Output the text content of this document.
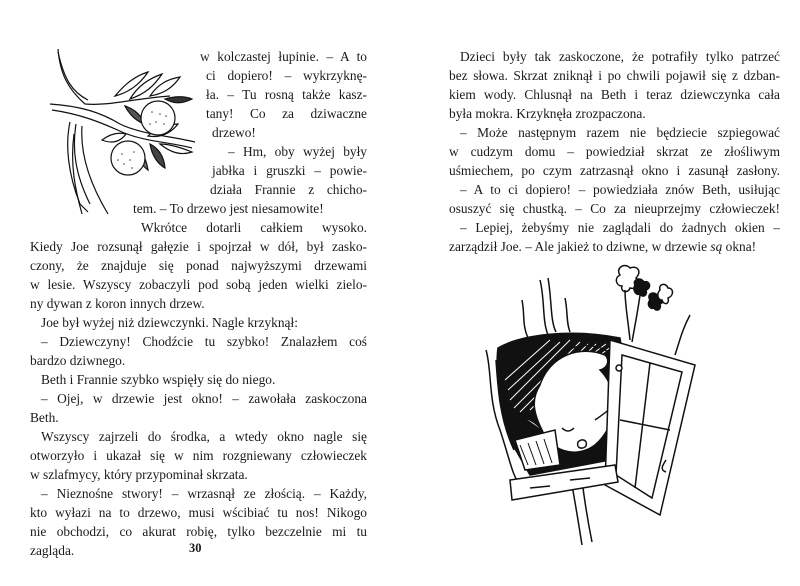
w kolczastej łupinie. – A to
ci dopiero! – wykrzyknę-
ła. – Tu rosną także kasz-
tany! Co za dziwaczne
drzewo!
– Hm, oby wyżej były
jabłka i gruszki – powie-
działa Frannie z chicho-
tem. – To drzewo jest niesamowite!
Wkrótce dotarli całkiem wysoko.
Kiedy Joe rozsunął gałęzie i spojrzał w dół, był zasko-
czony, że znajduje się ponad najwyższymi drzewami
w lesie. Wszyscy zobaczyli pod sobą jeden wielki zielo-
ny dywan z koron innych drzew.
Joe był wyżej niż dziewczynki. Nagle krzyknął:
– Dziewczyny! Chodźcie tu szybko! Znalazłem coś
bardzo dziwnego.
Beth i Frannie szybko wspięły się do niego.
– Ojej, w drzewie jest okno! – zawołała zaskoczona
Beth.
Wszyscy zajrzeli do środka, a wtedy okno nagle się
otworzyło i ukazał się w nim rozgniewany człowieczek
w szlafmycy, który przypominał skrzata.
– Nieznośne stwory! – wrzasnął ze złością. – Każdy,
kto wyłazi na to drzewo, musi wścibiać tu nos! Nikogo
nie obchodzi, co akurat robię, tylko bezczelnie mi tu
zagląda.	30
Dzieci były tak zaskoczone, że potrafiły tylko patrzeć
bez słowa. Skrzat zniknął i po chwili pojawił się z dzban-
kiem wody. Chlusnął na Beth i teraz dziewczynka cała
była mokra. Krzyknęła zrozpaczona.
– Może następnym razem nie będziecie szpiegować
w cudzym domu – powiedział skrzat ze złośliwym
uśmiechem, po czym zatrzasnął okno i zasunął zasłony.
– A to ci dopiero! – powiedziała znów Beth, usiłując
osuszyć się chustką. – Co za nieuprzejmy człowieczek!
– Lepiej, żebyśmy nie zaglądali do żadnych okien –
zarządził Joe. – Ale jakież to dziwne, w drzewie są okna!
